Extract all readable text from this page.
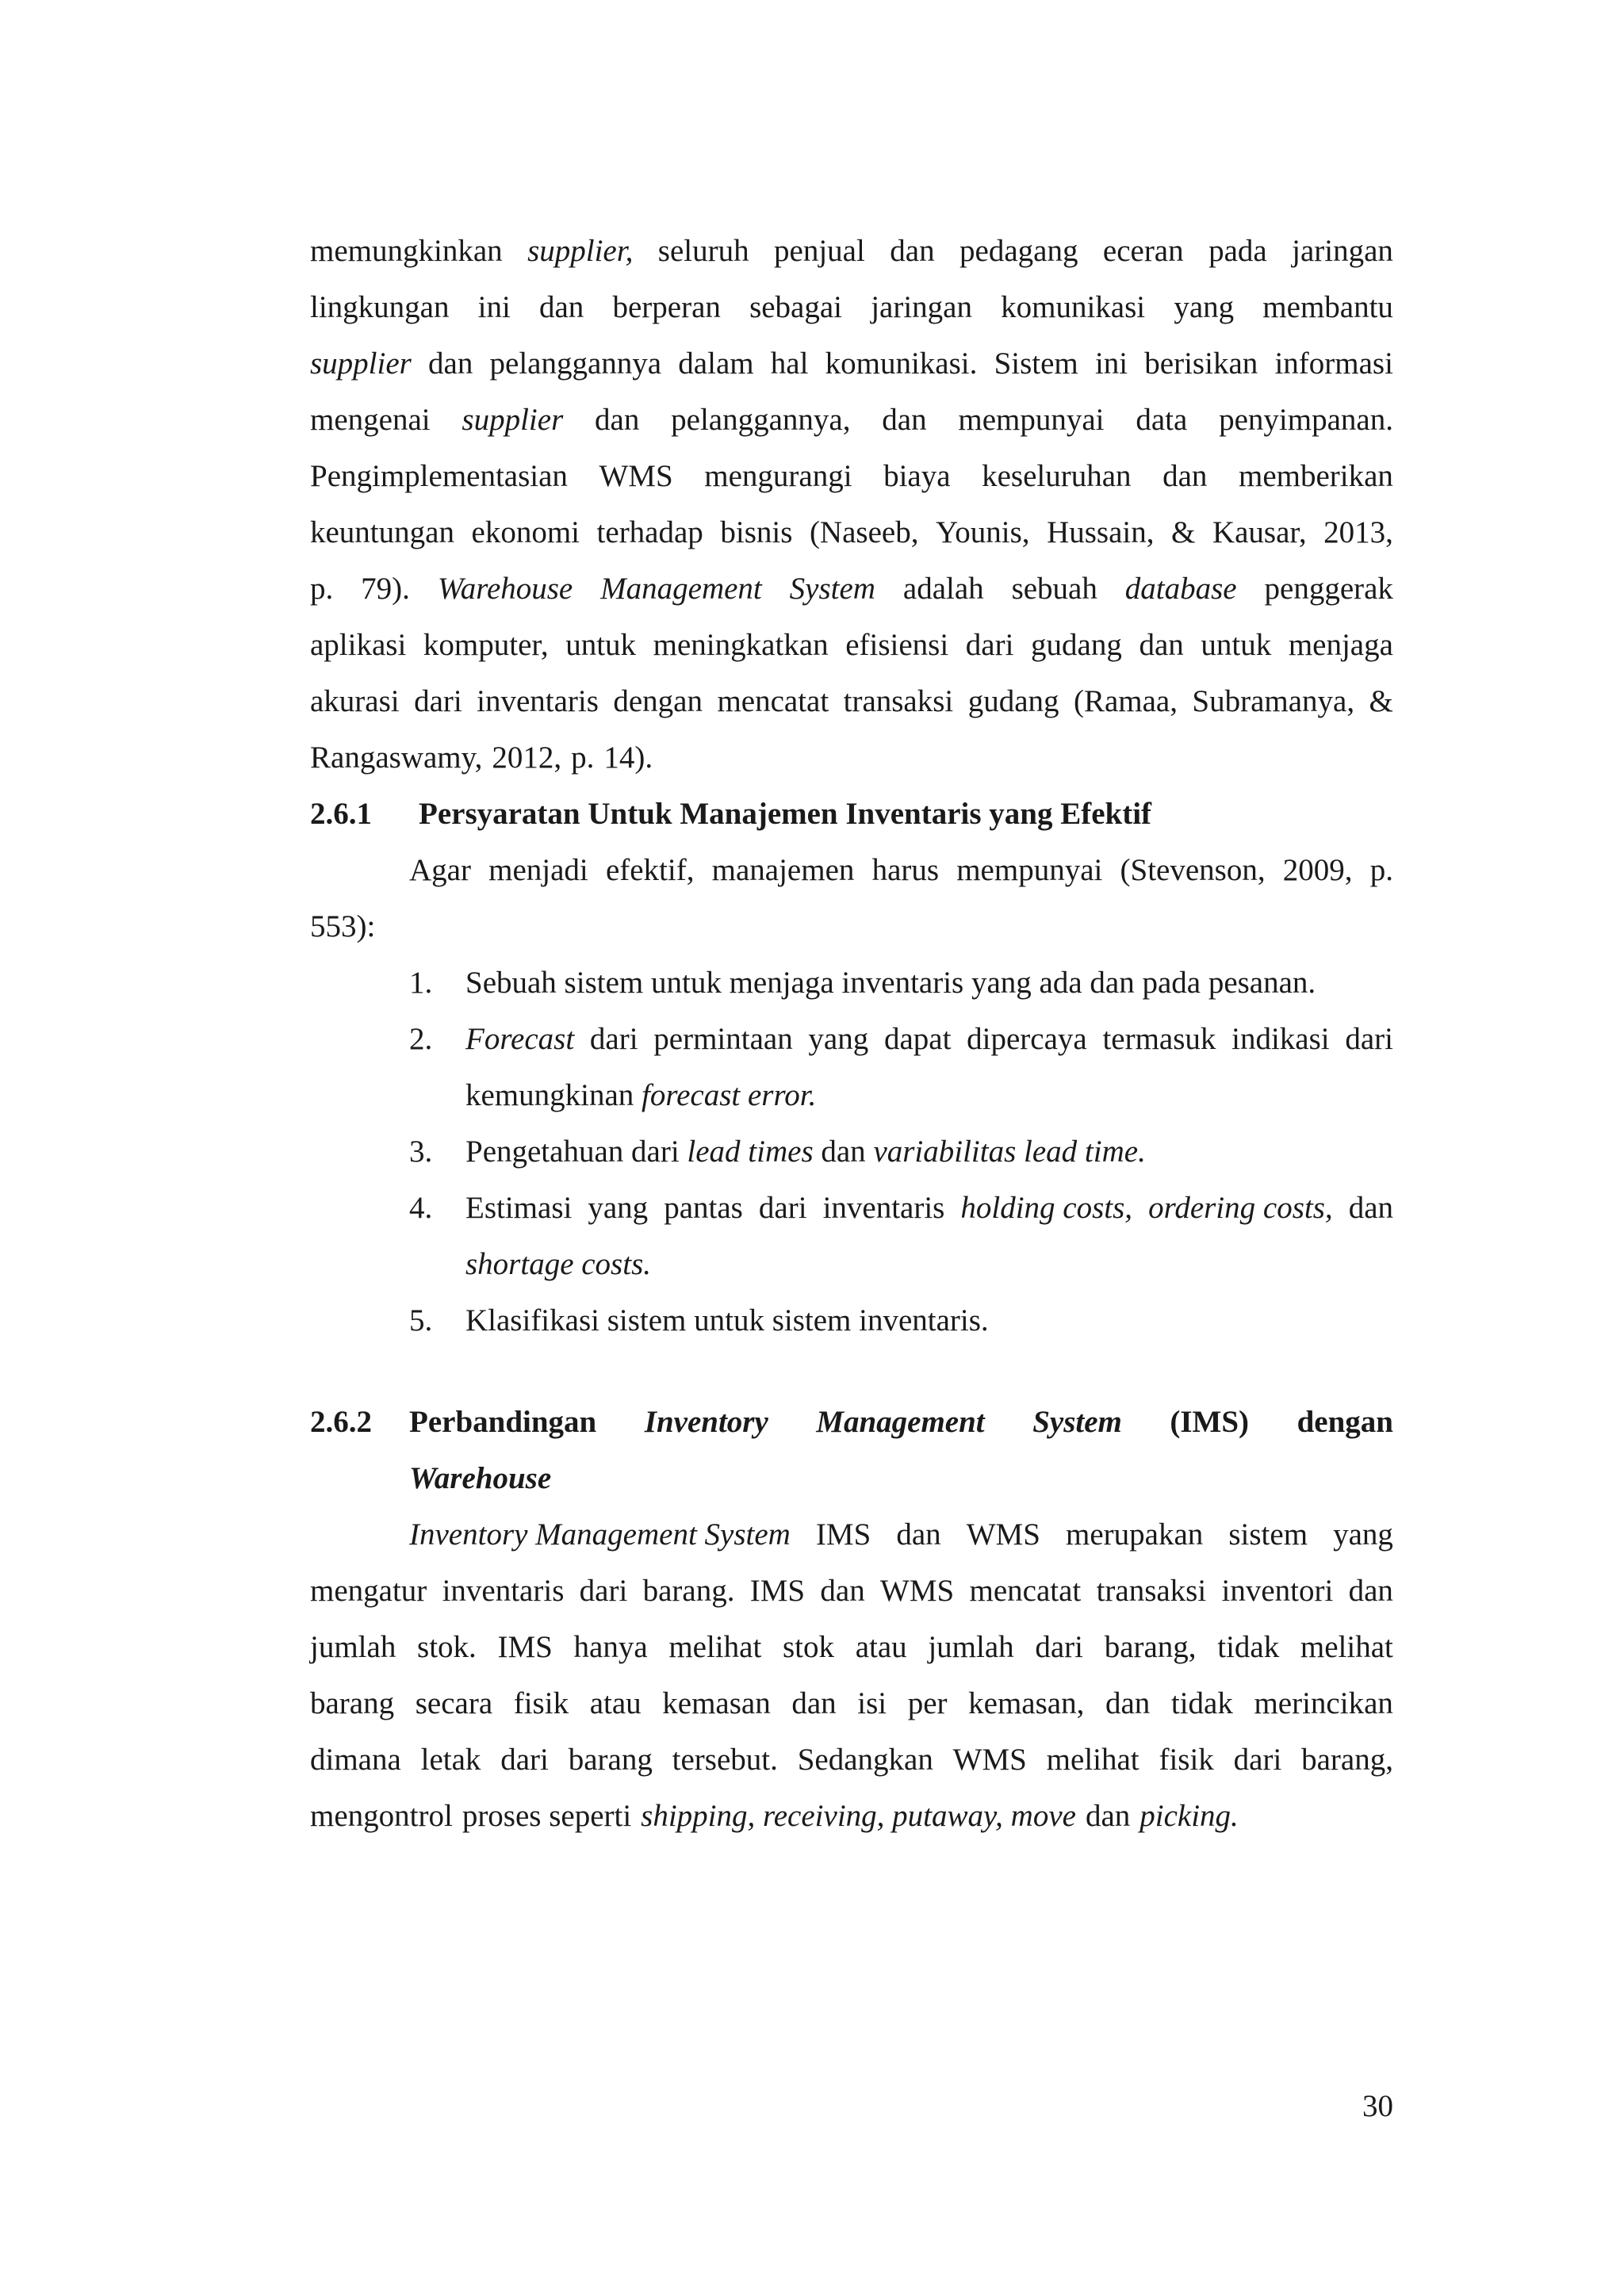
memungkinkan supplier, seluruh penjual dan pedagang eceran pada jaringan
lingkungan ini dan berperan sebagai jaringan komunikasi yang membantu
supplier dan pelanggannya dalam hal komunikasi. Sistem ini berisikan informasi
mengenai supplier dan pelanggannya, dan mempunyai data penyimpanan.
Pengimplementasian WMS mengurangi biaya keseluruhan dan memberikan
keuntungan ekonomi terhadap bisnis (Naseeb, Younis, Hussain, & Kausar, 2013,
p. 79). Warehouse Management System adalah sebuah database penggerak
aplikasi komputer, untuk meningkatkan efisiensi dari gudang dan untuk menjaga
akurasi dari inventaris dengan mencatat transaksi gudang (Ramaa, Subramanya, &
Rangaswamy, 2012, p. 14).
2.6.1	Persyaratan Untuk Manajemen Inventaris yang Efektif
Agar menjadi efektif, manajemen harus mempunyai (Stevenson, 2009, p.
553):
1. Sebuah sistem untuk menjaga inventaris yang ada dan pada pesanan.
2.	Forecast dari permintaan yang dapat dipercaya termasuk indikasi dari
kemungkinan forecast error.
3. Pengetahuan dari lead times dan variabilitas lead time.
4.	Estimasi yang pantas dari inventaris holding costs, ordering costs, dan
shortage costs.
5. Klasifikasi sistem untuk sistem inventaris.
2.6.2	Perbandingan Inventory Management System (IMS) dengan
Warehouse
Inventory Management System IMS dan WMS merupakan sistem yang
mengatur inventaris dari barang. IMS dan WMS mencatat transaksi inventori dan
jumlah stok. IMS hanya melihat stok atau jumlah dari barang, tidak melihat
barang secara fisik atau kemasan dan isi per kemasan, dan tidak merincikan
dimana letak dari barang tersebut. Sedangkan WMS melihat fisik dari barang,
mengontrol proses seperti shipping, receiving, putaway, move dan picking.
30
